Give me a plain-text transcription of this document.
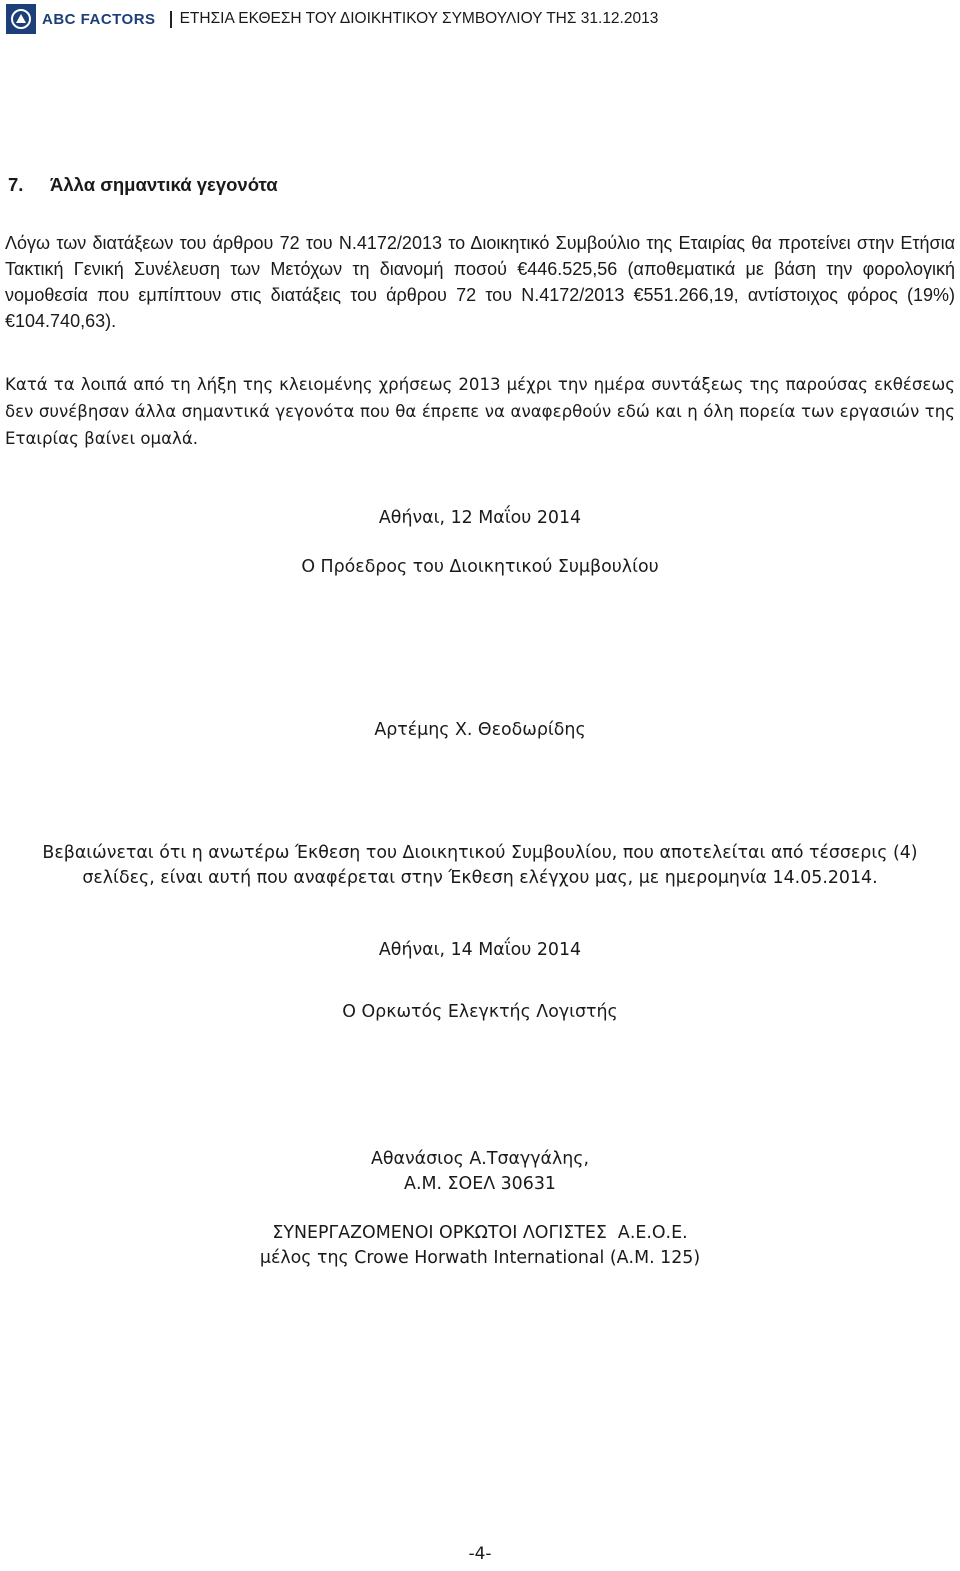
ABC FACTORS ΕΤΗΣΙΑ ΕΚΘΕΣΗ ΤΟΥ ΔΙΟΙΚΗΤΙΚΟΥ ΣΥΜΒΟΥΛΙΟΥ ΤΗΣ 31.12.2013
7. Άλλα σημαντικά γεγονότα

Λόγω των διατάξεων του άρθρου 72 του Ν.4172/2013 το Διοικητικό Συμβούλιο της Εταιρίας θα προτείνει στην Ετήσια Τακτική Γενική Συνέλευση των Μετόχων τη διανομή ποσού €446.525,56 (αποθεματικά με βάση την φορολογική νομοθεσία που εμπίπτουν στις διατάξεις του άρθρου 72 του Ν.4172/2013 €551.266,19, αντίστοιχος φόρος (19%) €104.740,63).

Κατά τα λοιπά από τη λήξη της κλειομένης χρήσεως 2013 μέχρι την ημέρα συντάξεως της παρούσας εκθέσεως δεν συνέβησαν άλλα σημαντικά γεγονότα που θα έπρεπε να αναφερθούν εδώ και η όλη πορεία των εργασιών της Εταιρίας βαίνει ομαλά.

Αθήναι, 12 Μαΐου 2014

Ο Πρόεδρος του Διοικητικού Συμβουλίου

Αρτέμης Χ. Θεοδωρίδης

Βεβαιώνεται ότι η ανωτέρω Έκθεση του Διοικητικού Συμβουλίου, που αποτελείται από τέσσερις (4)

σελίδες, είναι αυτή που αναφέρεται στην Έκθεση ελέγχου μας, με ημερομηνία 14.05.2014.

Αθήναι, 14 Μαΐου 2014

Ο Ορκωτός Ελεγκτής Λογιστής

Αθανάσιος Α.Τσαγγάλης,

Α.Μ. ΣΟΕΛ 30631

ΣΥΝΕΡΓΑΖΟΜΕΝΟΙ ΟΡΚΩΤΟΙ ΛΟΓΙΣΤΕΣ  Α.Ε.Ο.Ε.

μέλος της Crowe Horwath International (Α.Μ. 125)

-4-
